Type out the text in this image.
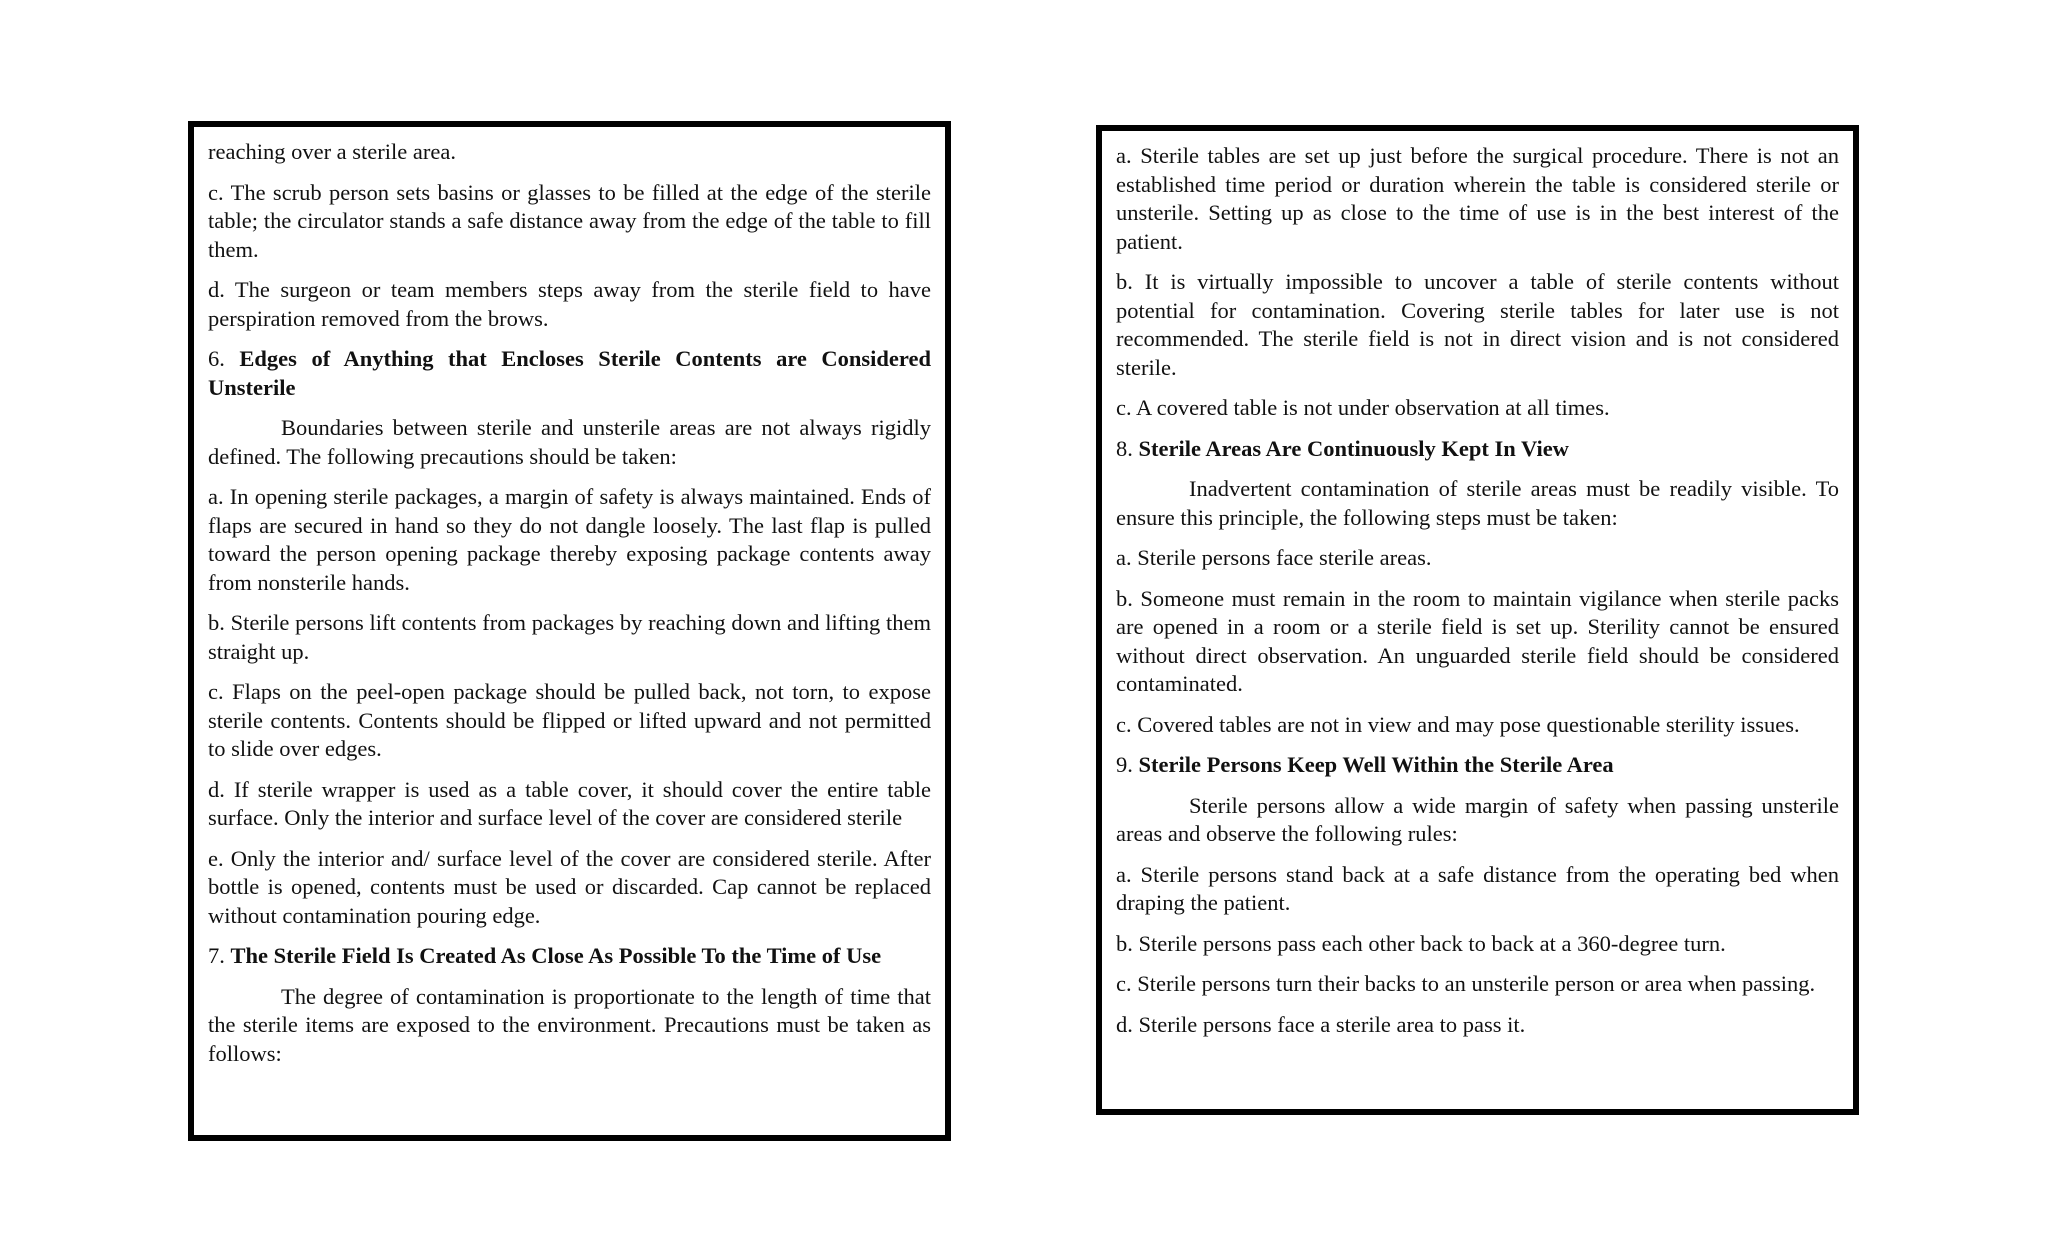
reaching over a sterile area.

c. The scrub person sets basins or glasses to be filled at the edge of the sterile table; the circulator stands a safe distance away from the edge of the table to fill them.

d. The surgeon or team members steps away from the sterile field to have perspiration removed from the brows.

6. Edges of Anything that Encloses Sterile Contents are Considered Unsterile

Boundaries between sterile and unsterile areas are not always rigidly defined. The following precautions should be taken:

a. In opening sterile packages, a margin of safety is always maintained. Ends of flaps are secured in hand so they do not dangle loosely. The last flap is pulled toward the person opening package thereby exposing package contents away from nonsterile hands.

b. Sterile persons lift contents from packages by reaching down and lifting them straight up.

c. Flaps on the peel-open package should be pulled back, not torn, to expose sterile contents. Contents should be flipped or lifted upward and not permitted to slide over edges.

d. If sterile wrapper is used as a table cover, it should cover the entire table surface. Only the interior and surface level of the cover are considered sterile

e. Only the interior and/ surface level of the cover are considered sterile. After bottle is opened, contents must be used or discarded. Cap cannot be replaced without contamination pouring edge.

7. The Sterile Field Is Created As Close As Possible To the Time of Use

The degree of contamination is proportionate to the length of time that the sterile items are exposed to the environment. Precautions must be taken as follows:

a. Sterile tables are set up just before the surgical procedure. There is not an established time period or duration wherein the table is considered sterile or unsterile. Setting up as close to the time of use is in the best interest of the patient.

b. It is virtually impossible to uncover a table of sterile contents without potential for contamination. Covering sterile tables for later use is not recommended. The sterile field is not in direct vision and is not considered sterile.

c. A covered table is not under observation at all times.

8. Sterile Areas Are Continuously Kept In View

Inadvertent contamination of sterile areas must be readily visible. To ensure this principle, the following steps must be taken:

a. Sterile persons face sterile areas.

b. Someone must remain in the room to maintain vigilance when sterile packs are opened in a room or a sterile field is set up. Sterility cannot be ensured without direct observation. An unguarded sterile field should be considered contaminated.

c. Covered tables are not in view and may pose questionable sterility issues.

9. Sterile Persons Keep Well Within the Sterile Area

Sterile persons allow a wide margin of safety when passing unsterile areas and observe the following rules:

a. Sterile persons stand back at a safe distance from the operating bed when draping the patient.

b. Sterile persons pass each other back to back at a 360-degree turn.

c. Sterile persons turn their backs to an unsterile person or area when passing.

d. Sterile persons face a sterile area to pass it.
